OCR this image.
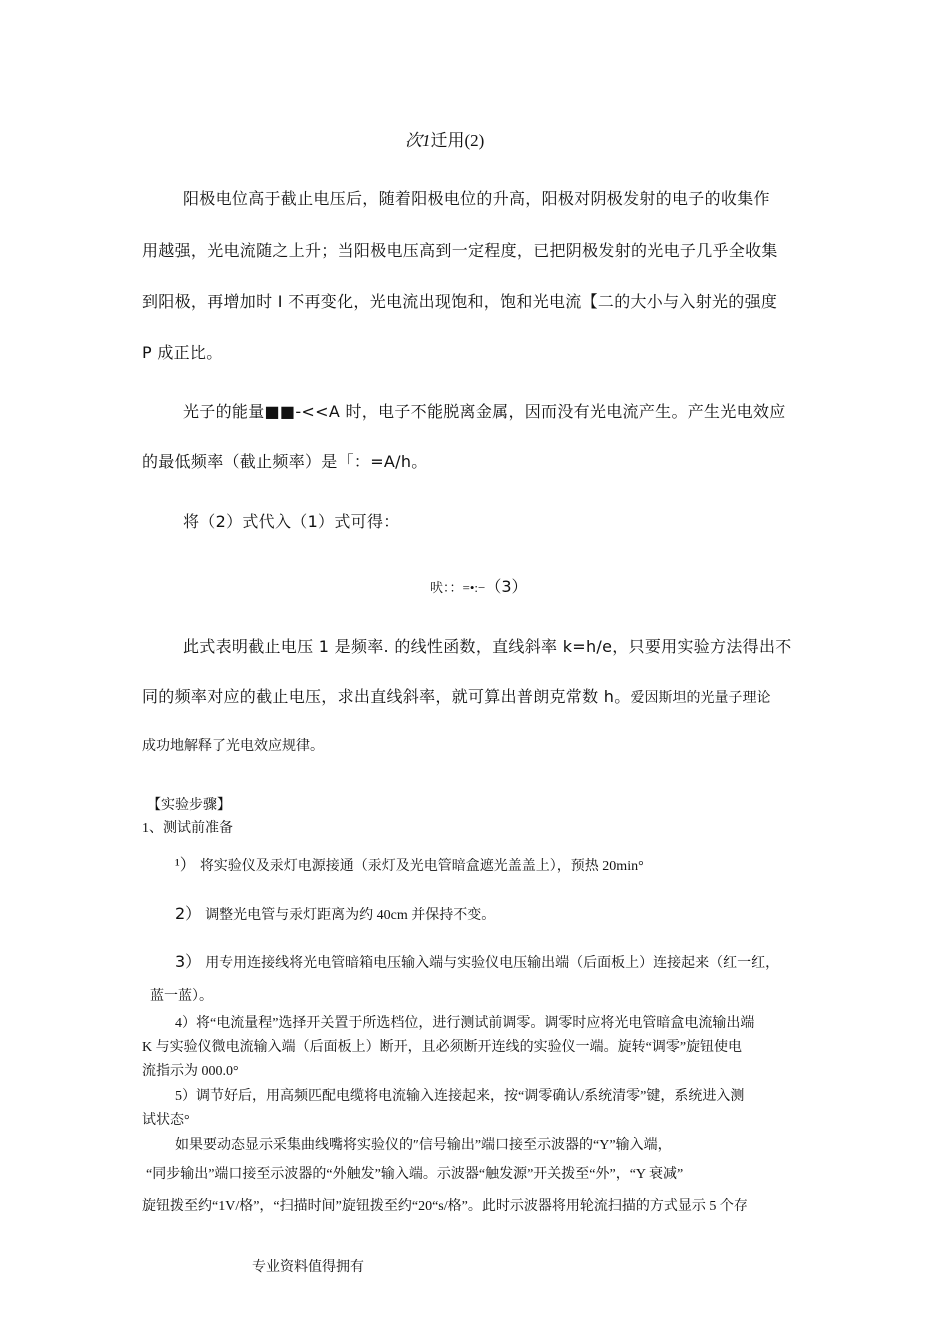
次1迁用(2)
阳极电位高于截止电压后，随着阳极电位的升高，阳极对阴极发射的电子的收集作
用越强，光电流随之上升；当阳极电压高到一定程度，已把阴极发射的光电子几乎全收集
到阳极，再增加时 I 不再变化，光电流出现饱和，饱和光电流【二的大小与入射光的强度
P 成正比。
光子的能量■■-<<A 时，电子不能脱离金属，因而没有光电流产生。产生光电效应
的最低频率（截止频率）是「：=A/h。
将（2）式代入（1）式可得：
吠：：=•:−（3）
此式表明截止电压 1 是频率. 的线性函数，直线斜率 k=h/e，只要用实验方法得出不
同的频率对应的截止电压，求出直线斜率，就可算出普朗克常数 h。爱因斯坦的光量子理论
成功地解释了光电效应规律。
【实验步骤】
1、测试前准备
¹） 将实验仪及汞灯电源接通（汞灯及光电管暗盒遮光盖盖上），预热 20min°
2） 调整光电管与汞灯距离为约 40cm 并保持不变。
3） 用专用连接线将光电管暗箱电压输入端与实验仪电压输出端（后面板上）连接起来（红一红，
蓝一蓝）。
4）将“电流量程”选择开关置于所选档位，进行测试前调零。调零时应将光电管暗盒电流输出端
K 与实验仪微电流输入端（后面板上）断开，且必须断开连线的实验仪一端。旋转“调零”旋钮使电
流指示为 000.0°
5）调节好后，用高频匹配电缆将电流输入连接起来，按“调零确认/系统清零”键，系统进入测
试状态°
如果要动态显示采集曲线嘴将实验仪的″信号输出”端口接至示波器的“Y”输入端，
“同步输出”端口接至示波器的“外触发”输入端。示波器“触发源”开关拨至“外”，“Y 衰减”
旋钮拨至约“1V/格”，“扫描时间”旋钮拨至约“20“s/格”。此时示波器将用轮流扫描的方式显示 5 个存
专业资料值得拥有
